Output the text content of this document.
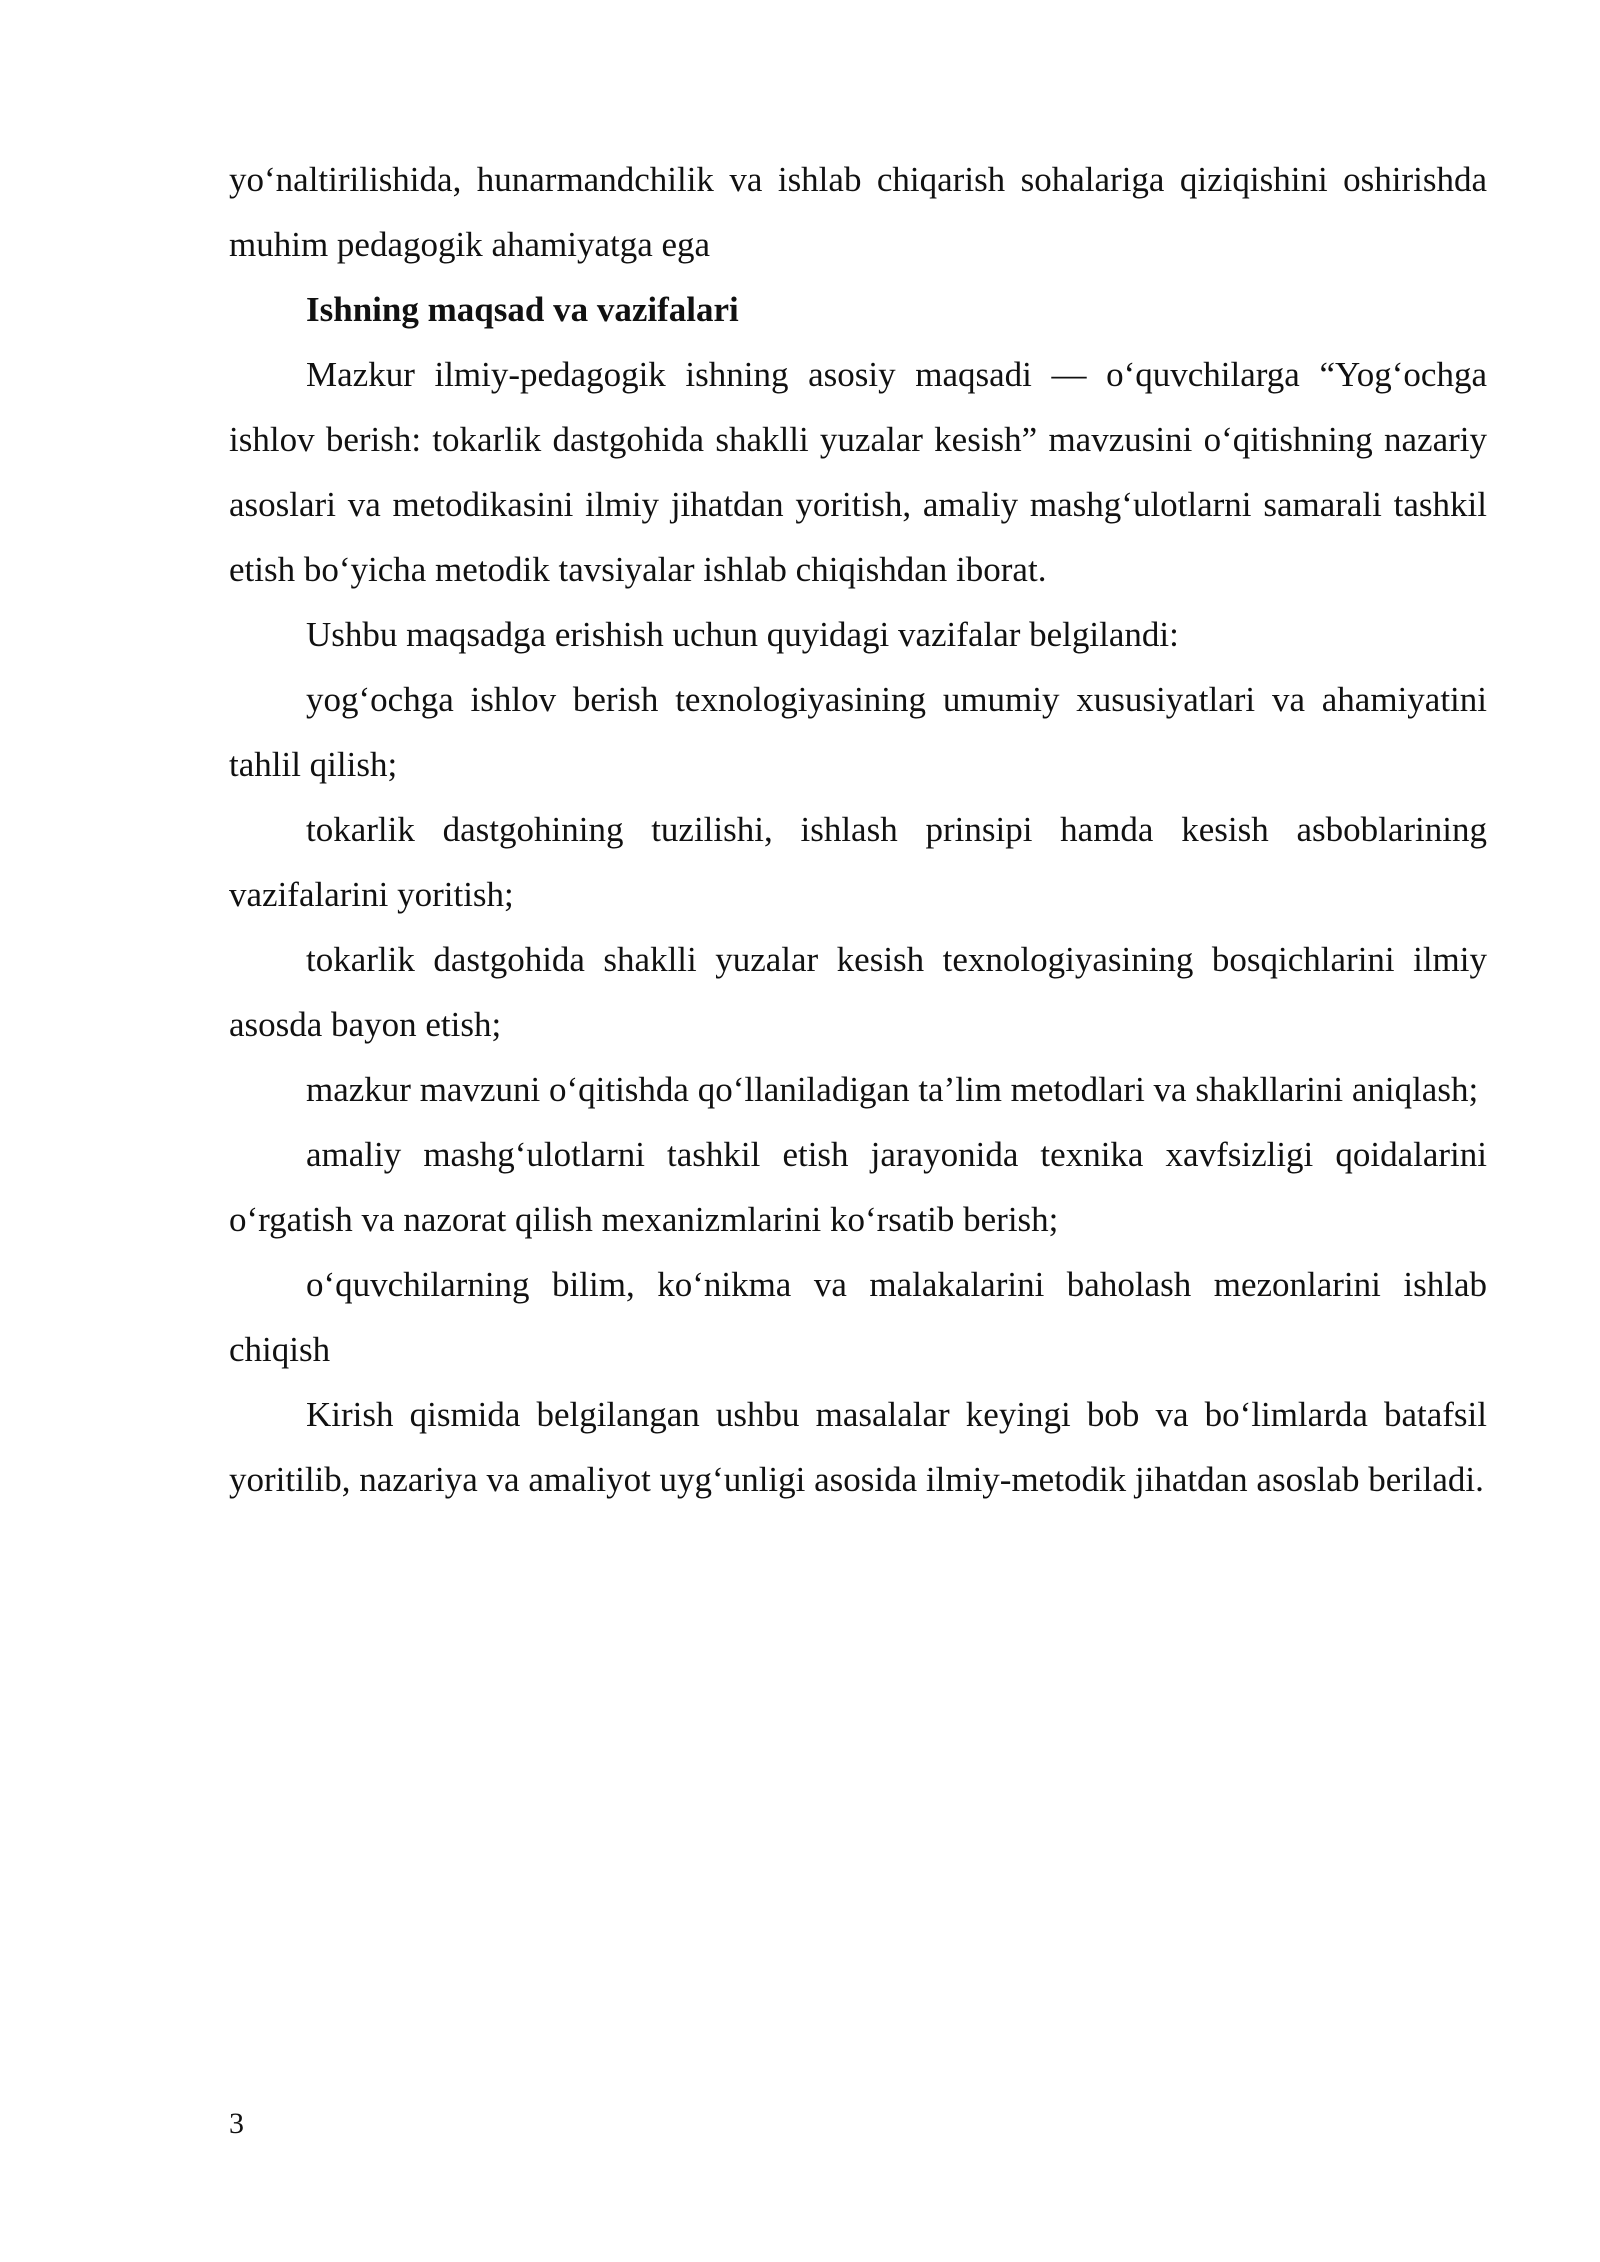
yo‘naltirilishida, hunarmandchilik va ishlab chiqarish sohalariga qiziqishini oshirishda muhim pedagogik ahamiyatga ega

Ishning maqsad va vazifalari

Mazkur ilmiy-pedagogik ishning asosiy maqsadi — o‘quvchilarga “Yog‘ochga ishlov berish: tokarlik dastgohida shaklli yuzalar kesish” mavzusini o‘qitishning nazariy asoslari va metodikasini ilmiy jihatdan yoritish, amaliy mashg‘ulotlarni samarali tashkil etish bo‘yicha metodik tavsiyalar ishlab chiqishdan iborat.

Ushbu maqsadga erishish uchun quyidagi vazifalar belgilandi:

yog‘ochga ishlov berish texnologiyasining umumiy xususiyatlari va ahamiyatini tahlil qilish;

tokarlik dastgohining tuzilishi, ishlash prinsipi hamda kesish asboblarining vazifalarini yoritish;

tokarlik dastgohida shaklli yuzalar kesish texnologiyasining bosqichlarini ilmiy asosda bayon etish;

mazkur mavzuni o‘qitishda qo‘llaniladigan ta’lim metodlari va shakllarini aniqlash;

amaliy mashg‘ulotlarni tashkil etish jarayonida texnika xavfsizligi qoidalarini o‘rgatish va nazorat qilish mexanizmlarini ko‘rsatib berish;

o‘quvchilarning bilim, ko‘nikma va malakalarini baholash mezonlarini ishlab chiqish

Kirish qismida belgilangan ushbu masalalar keyingi bob va bo‘limlarda batafsil yoritilib, nazariya va amaliyot uyg‘unligi asosida ilmiy-metodik jihatdan asoslab beriladi.

3
